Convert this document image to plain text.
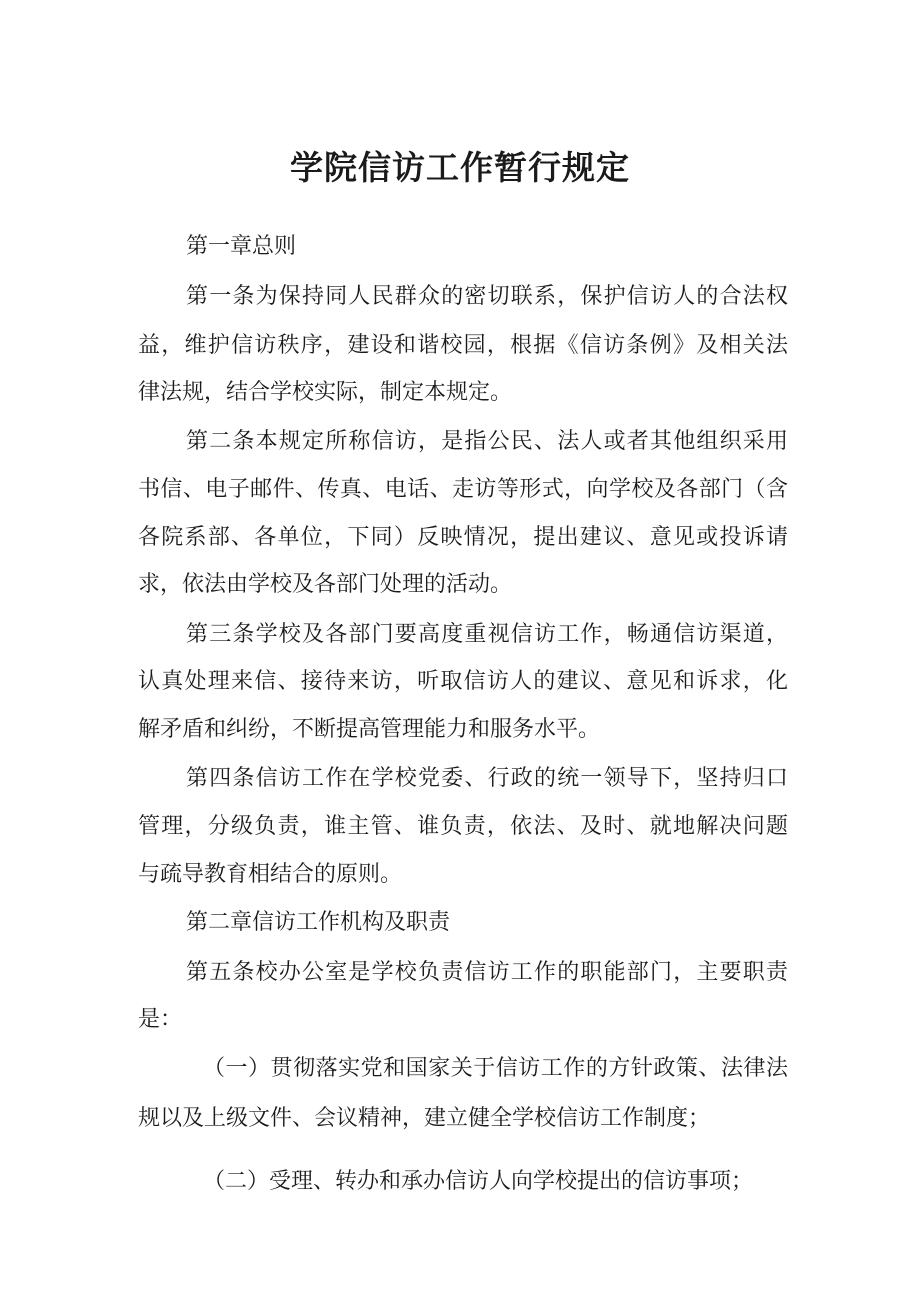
学院信访工作暂行规定
第一章总则
第一条为保持同人民群众的密切联系，保护信访人的合法权
益，维护信访秩序，建设和谐校园，根据《信访条例》及相关法
律法规，结合学校实际，制定本规定。
第二条本规定所称信访，是指公民、法人或者其他组织采用
书信、电子邮件、传真、电话、走访等形式，向学校及各部门（含
各院系部、各单位，下同）反映情况，提出建议、意见或投诉请
求，依法由学校及各部门处理的活动。
第三条学校及各部门要高度重视信访工作，畅通信访渠道，
认真处理来信、接待来访，听取信访人的建议、意见和诉求，化
解矛盾和纠纷，不断提高管理能力和服务水平。
第四条信访工作在学校党委、行政的统一领导下，坚持归口
管理，分级负责，谁主管、谁负责，依法、及时、就地解决问题
与疏导教育相结合的原则。
第二章信访工作机构及职责
第五条校办公室是学校负责信访工作的职能部门，主要职责
是：
（一）贯彻落实党和国家关于信访工作的方针政策、法律法
规以及上级文件、会议精神，建立健全学校信访工作制度；
（二）受理、转办和承办信访人向学校提出的信访事项；
